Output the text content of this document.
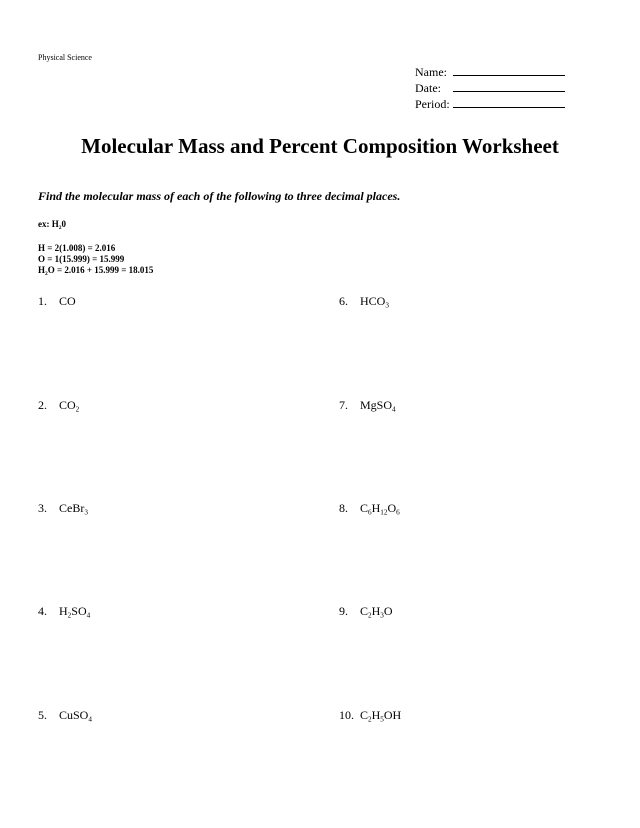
Physical Science
Name:
Date:
Period:
Molecular Mass and Percent Composition Worksheet
Find the molecular mass of each of the following to three decimal places.
ex: $H_20$
H = 2(1.008) = 2.016
O = 1(15.999) = 15.999
$H_2O = 2.016 + 15.999 = 18.015$
1. CO
2. $CO_2$
3. CeBr$_3$
4. $H_2SO_4$
5. CuSO$_4$
6. $HCO_3$
7. MgSO$_4$
8. $C_6H_{12}O_6$
9. $C_2H_3O$
10. $C_2H_5OH$
